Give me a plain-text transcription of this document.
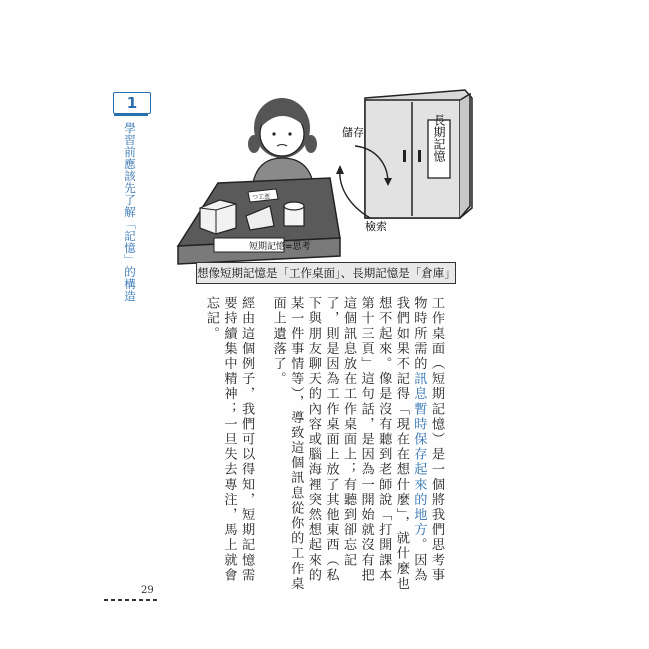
1
學習前應該先了解「記憶」的構造	長期記憶
儲存
檢索
短期記憶=思考
つ工票
想像短期記憶是「工作桌面」、長期記憶是「倉庫」

工作桌面（短期記憶）是一個將我們思考事物時所需的訊息暫時保存起來的地方。因為我們如果不記得「現在在想什麼」，就什麼也想不起來。像是沒有聽到老師說「打開課本第十三頁」這句話，是因為一開始就沒有把這個訊息放在工作桌面上；有聽到卻忘記了，則是因為工作桌面上放了其他東西（私下與朋友聊天的內容或腦海裡突然想起來的某一件事情等），導致這個訊息從你的工作桌面上遺落了。

經由這個例子，我們可以得知，短期記憶需要持續集中精神；一旦失去專注，馬上就會忘記。

29
